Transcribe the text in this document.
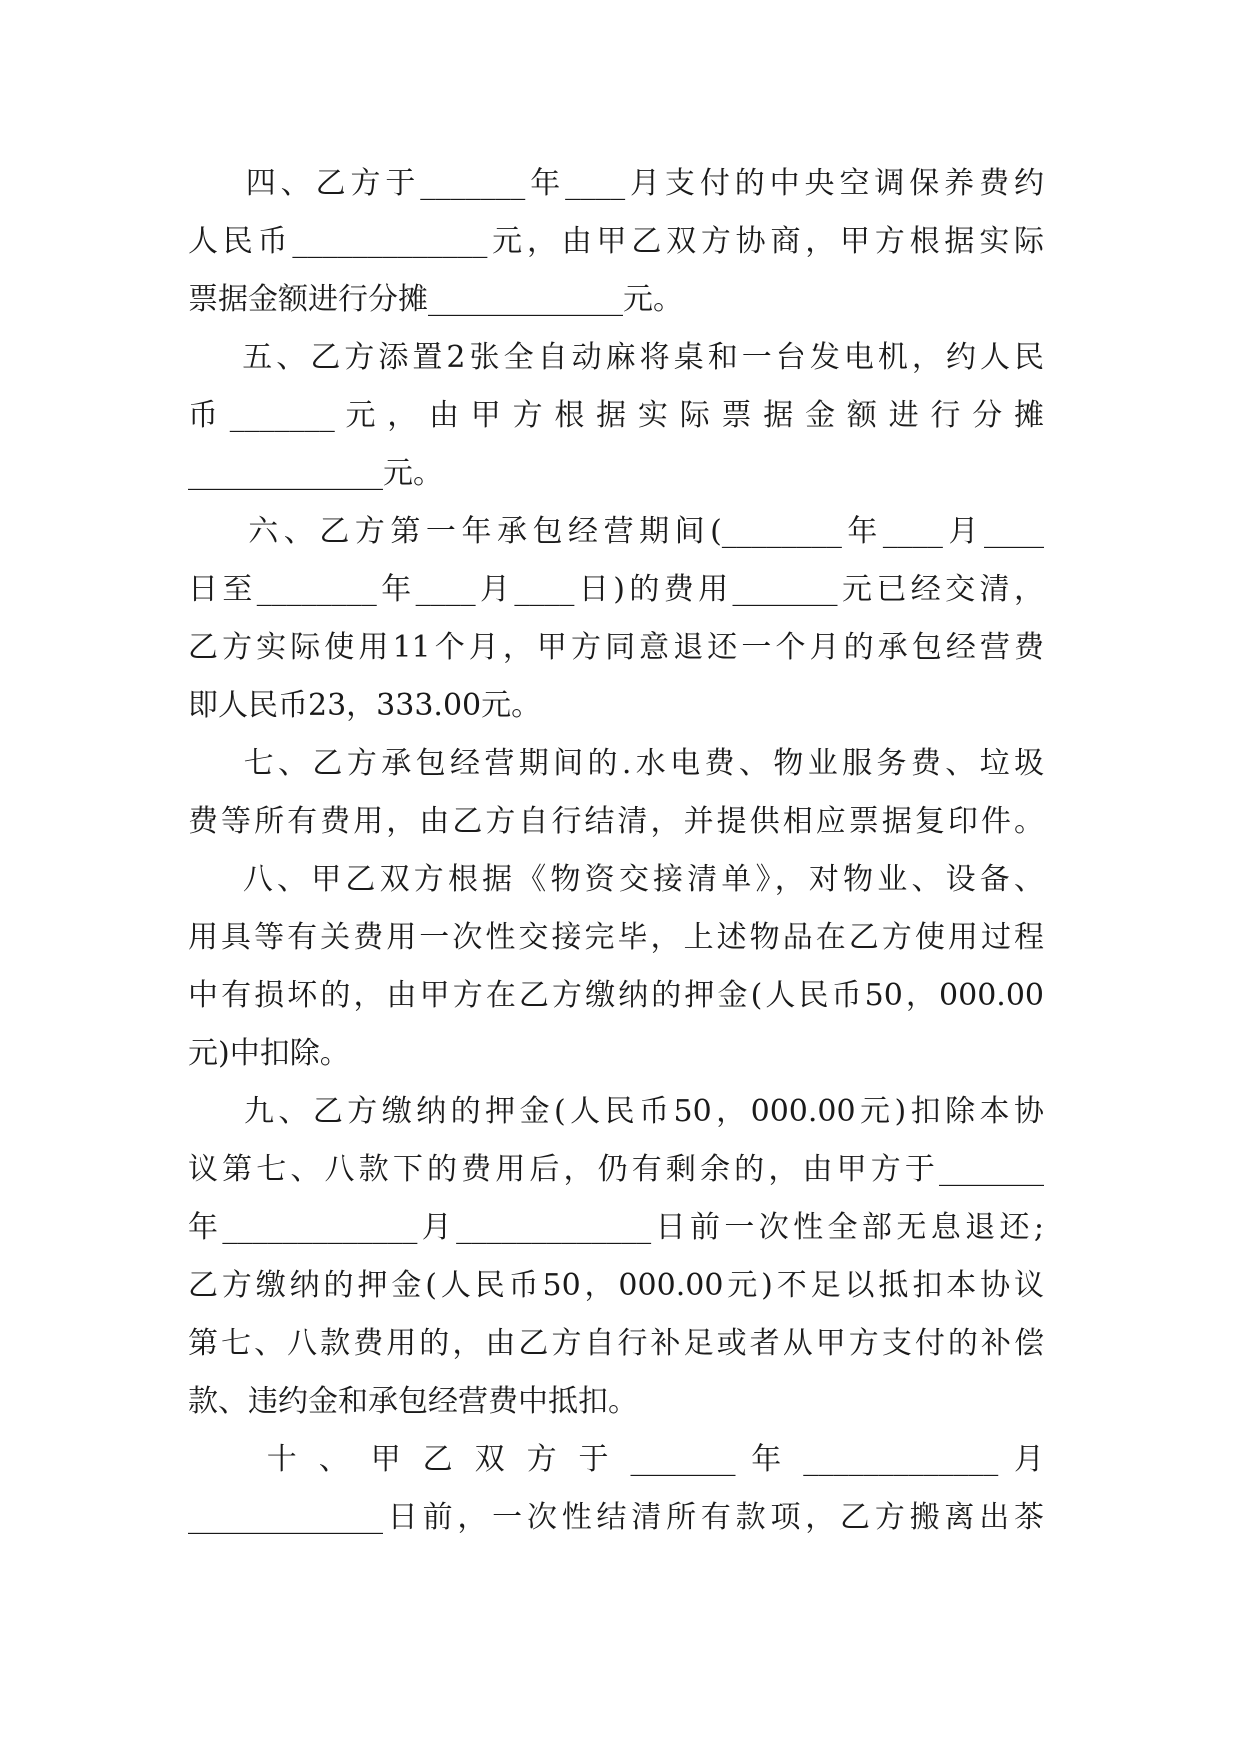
四、乙方于_______年____月支付的中央空调保养费约
人民币_____________元，由甲乙双方协商，甲方根据实际
票据金额进行分摊_____________元。
五、乙方添置2张全自动麻将桌和一台发电机，约人民
币 _______ 元 ， 由 甲 方 根 据 实 际 票 据 金 额 进 行 分 摊
_____________元。
六、乙方第一年承包经营期间(________年____月____
日至________年____月____日)的费用_______元已经交清，
乙方实际使用11个月，甲方同意退还一个月的承包经营费
即人民币23，333.00元。
七、乙方承包经营期间的.水电费、物业服务费、垃圾
费等所有费用，由乙方自行结清，并提供相应票据复印件。
八、甲乙双方根据《物资交接清单》，对物业、设备、
用具等有关费用一次性交接完毕，上述物品在乙方使用过程
中有损坏的，由甲方在乙方缴纳的押金(人民币50，000.00
元)中扣除。
九、乙方缴纳的押金(人民币50，000.00元)扣除本协
议第七、八款下的费用后，仍有剩余的，由甲方于_______
年_____________月_____________日前一次性全部无息退还;
乙方缴纳的押金(人民币50，000.00元)不足以抵扣本协议
第七、八款费用的，由乙方自行补足或者从甲方支付的补偿
款、违约金和承包经营费中抵扣。
十 、 甲 乙 双 方 于 _______ 年 _____________ 月
_____________日前，一次性结清所有款项，乙方搬离出茶
